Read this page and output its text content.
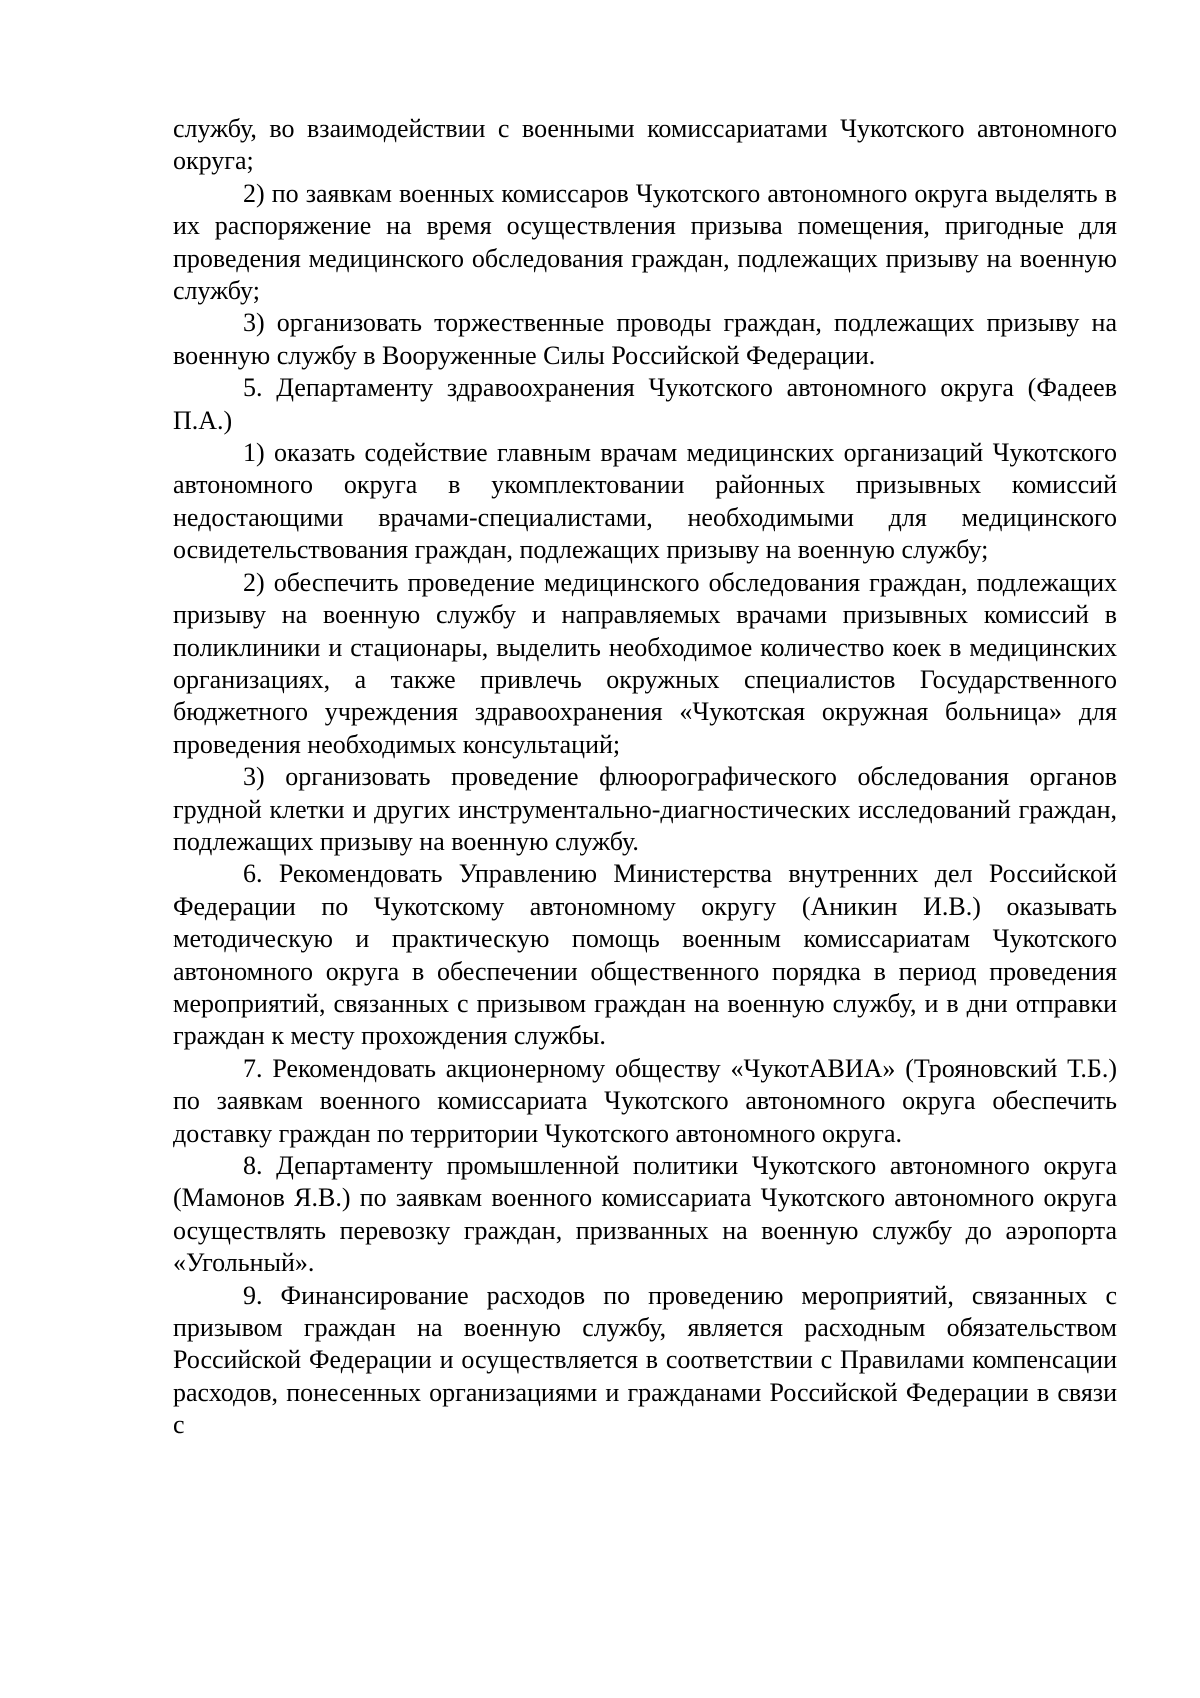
службу, во взаимодействии с военными комиссариатами Чукотского автономного округа;

2) по заявкам военных комиссаров Чукотского автономного округа выделять в их распоряжение на время осуществления призыва помещения, пригодные для проведения медицинского обследования граждан, подлежащих призыву на военную службу;

3) организовать торжественные проводы граждан, подлежащих призыву на военную службу в Вооруженные Силы Российской Федерации.

5. Департаменту здравоохранения Чукотского автономного округа (Фадеев П.А.)

1) оказать содействие главным врачам медицинских организаций Чукотского автономного округа в укомплектовании районных призывных комиссий недостающими врачами-специалистами, необходимыми для медицинского освидетельствования граждан, подлежащих призыву на военную службу;

2) обеспечить проведение медицинского обследования граждан, подлежащих призыву на военную службу и направляемых врачами призывных комиссий в поликлиники и стационары, выделить необходимое количество коек в медицинских организациях, а также привлечь окружных специалистов Государственного бюджетного учреждения здравоохранения «Чукотская окружная больница» для проведения необходимых консультаций;

3) организовать проведение флюорографического обследования органов грудной клетки и других инструментально-диагностических исследований граждан, подлежащих призыву на военную службу.

6. Рекомендовать Управлению Министерства внутренних дел Российской Федерации по Чукотскому автономному округу (Аникин И.В.) оказывать методическую и практическую помощь военным комиссариатам Чукотского автономного округа в обеспечении общественного порядка в период проведения мероприятий, связанных с призывом граждан на военную службу, и в дни отправки граждан к месту прохождения службы.

7. Рекомендовать акционерному обществу «ЧукотАВИА» (Трояновский Т.Б.) по заявкам военного комиссариата Чукотского автономного округа обеспечить доставку граждан по территории Чукотского автономного округа.

8. Департаменту промышленной политики Чукотского автономного округа (Мамонов Я.В.) по заявкам военного комиссариата Чукотского автономного округа осуществлять перевозку граждан, призванных на военную службу до аэропорта «Угольный».

9. Финансирование расходов по проведению мероприятий, связанных с призывом граждан на военную службу, является расходным обязательством Российской Федерации и осуществляется в соответствии с Правилами компенсации расходов, понесенных организациями и гражданами Российской Федерации в связи с
